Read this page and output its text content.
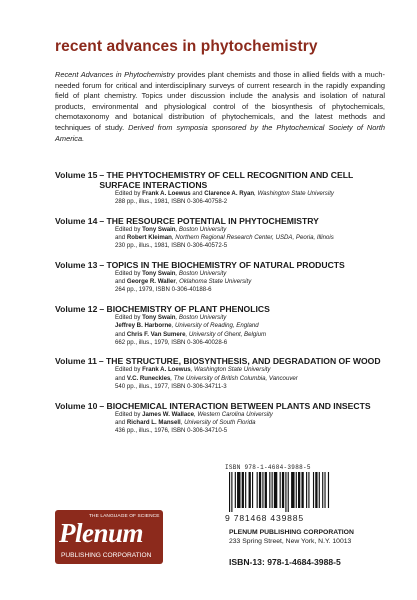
recent advances in phytochemistry
Recent Advances in Phytochemistry provides plant chemists and those in allied fields with a much-needed forum for critical and interdisciplinary surveys of current research in the rapidly expanding field of plant chemistry. Topics under discussion include the analysis and isolation of natural products, environmental and physiological control of the biosynthesis of phytochemicals, chemotaxonomy and botanical distribution of phytochemicals, and the latest methods and techniques of study. Derived from symposia sponsored by the Phytochemical Society of North America.
Volume 15 – THE PHYTOCHEMISTRY OF CELL RECOGNITION AND CELL SURFACE INTERACTIONS
Edited by Frank A. Loewus and Clarence A. Ryan, Washington State University
288 pp., illus., 1981, ISBN 0-306-40758-2
Volume 14 – THE RESOURCE POTENTIAL IN PHYTOCHEMISTRY
Edited by Tony Swain, Boston University
and Robert Kleiman, Northern Regional Research Center, USDA, Peoria, Illinois
230 pp., illus., 1981, ISBN 0-306-40572-5
Volume 13 – TOPICS IN THE BIOCHEMISTRY OF NATURAL PRODUCTS
Edited by Tony Swain, Boston University
and George R. Waller, Oklahoma State University
264 pp., 1979, ISBN 0-306-40188-6
Volume 12 – BIOCHEMISTRY OF PLANT PHENOLICS
Edited by Tony Swain, Boston University
Jeffrey B. Harborne, University of Reading, England
and Chris F. Van Sumere, University of Ghent, Belgium
662 pp., illus., 1979, ISBN 0-306-40028-6
Volume 11 – THE STRUCTURE, BIOSYNTHESIS, AND DEGRADATION OF WOOD
Edited by Frank A. Loewus, Washington State University
and V.C. Runeckles, The University of British Columbia, Vancouver
540 pp., illus., 1977, ISBN 0-306-34711-3
Volume 10 – BIOCHEMICAL INTERACTION BETWEEN PLANTS AND INSECTS
Edited by James W. Wallace, Western Carolina University
and Richard L. Mansell, University of South Florida
436 pp., illus., 1976, ISBN 0-306-34710-5
ISBN 978-1-4684-3988-5
9 781468 439885
THE LANGUAGE OF SCIENCE
Plenum
PUBLISHING CORPORATION
PLENUM PUBLISHING CORPORATION
233 Spring Street, New York, N.Y. 10013
ISBN-13: 978-1-4684-3988-5
